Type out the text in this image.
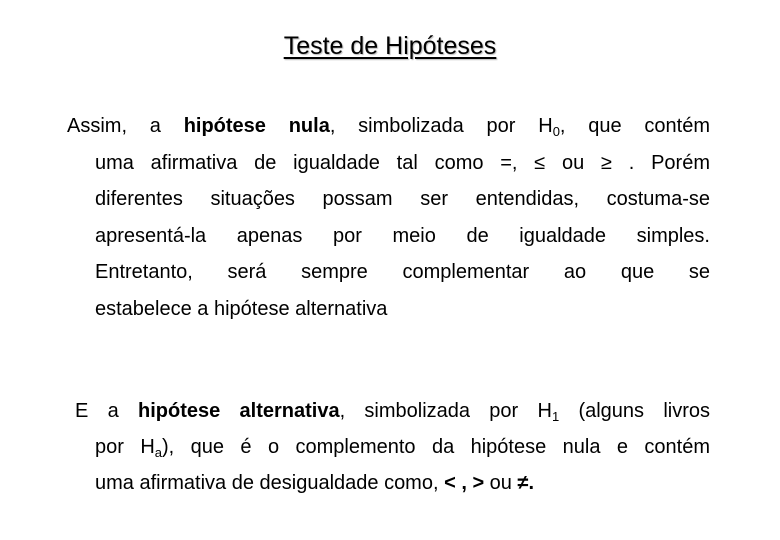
Teste de Hipóteses
Assim, a hipótese nula, simbolizada por $H_0$, que contém
uma afirmativa de igualdade tal como =, ≤ ou ≥ . Porém
diferentes situações possam ser entendidas, costuma-se
apresentá-la apenas por meio de igualdade simples.
Entretanto, será sempre complementar ao que se
estabelece a hipótese alternativa
E a hipótese alternativa, simbolizada por $H_1$ (alguns livros
por $H_a$), que é o complemento da hipótese nula e contém
uma afirmativa de desigualdade como, < , > ou ≠.
